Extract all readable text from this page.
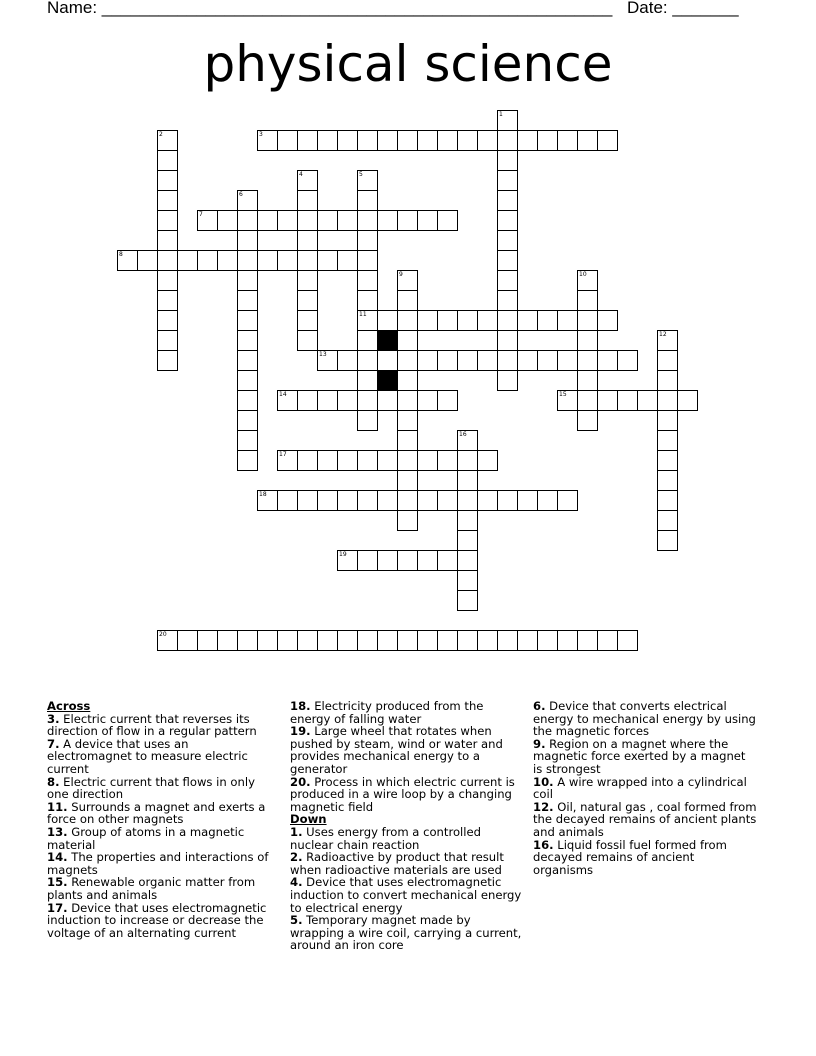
Name: ______________________________________________________ Date: _______
physical science
1
2	3
4	5
11
6
7
8
9	10
12
13
14	15
16
17
18
19
20
Across
3. Electric current that reverses its direction of flow in a regular pattern
7. A device that uses an electromagnet to measure electric current
8. Electric current that flows in only one direction
11. Surrounds a magnet and exerts a force on other magnets
13. Group of atoms in a magnetic material
14. The properties and interactions of magnets
15. Renewable organic matter from plants and animals
17. Device that uses electromagnetic induction to increase or decrease the voltage of an alternating current
18. Electricity produced from the energy of falling water
19. Large wheel that rotates when pushed by steam, wind or water and provides mechanical energy to a generator
20. Process in which electric current is produced in a wire loop by a changing magnetic field
Down
1. Uses energy from a controlled nuclear chain reaction
2. Radioactive by product that result when radioactive materials are used
4. Device that uses electromagnetic induction to convert mechanical energy to electrical energy
5. Temporary magnet made by wrapping a wire coil, carrying a current, around an iron core
6. Device that converts electrical energy to mechanical energy by using the magnetic forces
9. Region on a magnet where the magnetic force exerted by a magnet is strongest
10. A wire wrapped into a cylindrical coil
12. Oil, natural gas , coal formed from the decayed remains of ancient plants and animals
16. Liquid fossil fuel formed from decayed remains of ancient organisms
